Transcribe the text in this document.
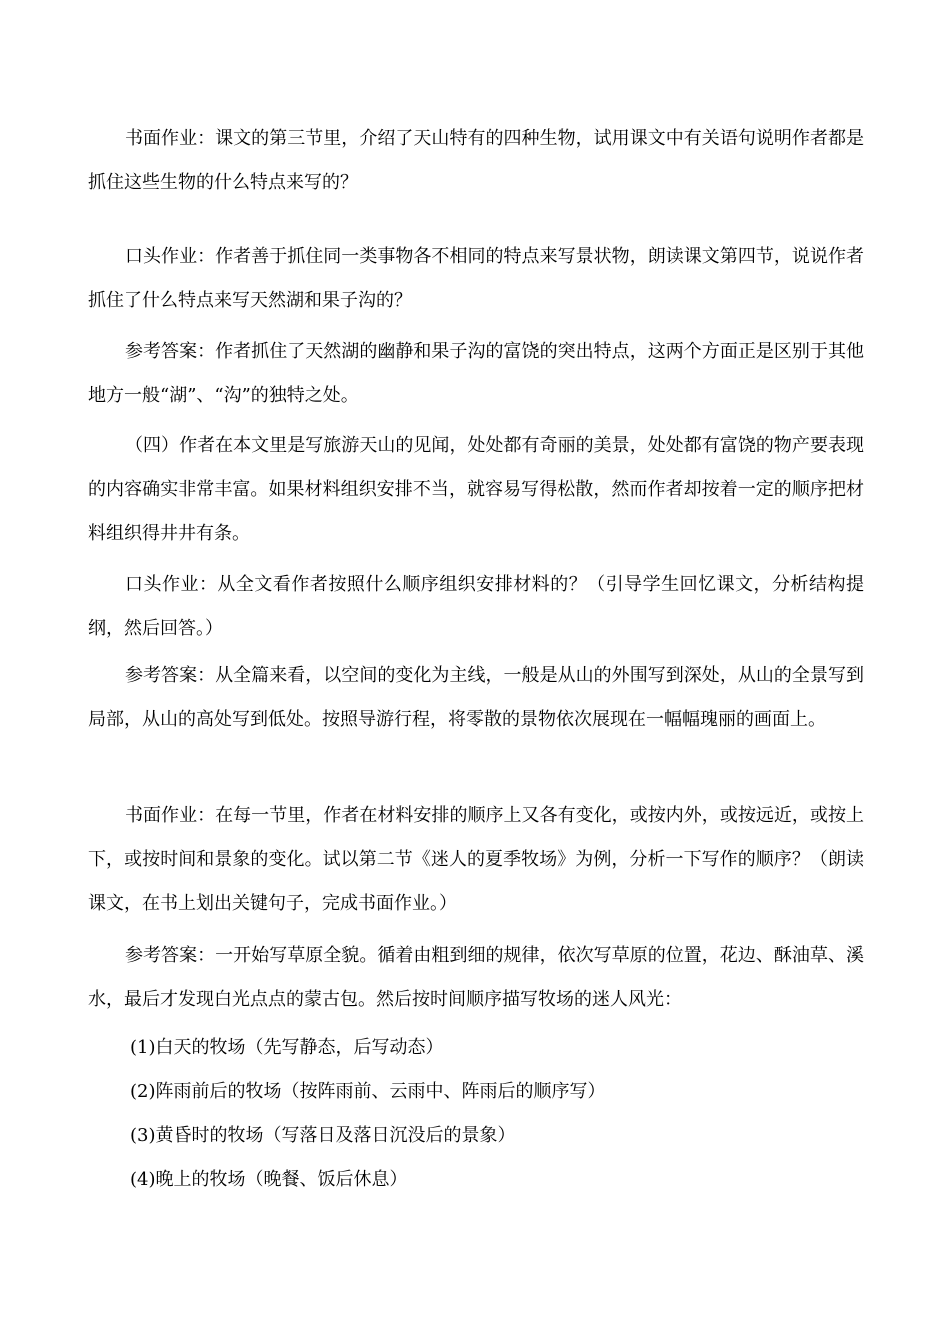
书面作业：课文的第三节里，介绍了天山特有的四种生物，试用课文中有关语句说明作者都是抓住这些生物的什么特点来写的？

口头作业：作者善于抓住同一类事物各不相同的特点来写景状物，朗读课文第四节，说说作者抓住了什么特点来写天然湖和果子沟的？

参考答案：作者抓住了天然湖的幽静和果子沟的富饶的突出特点，这两个方面正是区别于其他地方一般“湖”、“沟”的独特之处。

（四）作者在本文里是写旅游天山的见闻，处处都有奇丽的美景，处处都有富饶的物产要表现的内容确实非常丰富。如果材料组织安排不当，就容易写得松散，然而作者却按着一定的顺序把材料组织得井井有条。

口头作业：从全文看作者按照什么顺序组织安排材料的？（引导学生回忆课文，分析结构提纲，然后回答。）

参考答案：从全篇来看，以空间的变化为主线，一般是从山的外围写到深处，从山的全景写到局部，从山的高处写到低处。按照导游行程，将零散的景物依次展现在一幅幅瑰丽的画面上。

书面作业：在每一节里，作者在材料安排的顺序上又各有变化，或按内外，或按远近，或按上下，或按时间和景象的变化。试以第二节《迷人的夏季牧场》为例，分析一下写作的顺序？（朗读课文，在书上划出关键句子，完成书面作业。）

参考答案：一开始写草原全貌。循着由粗到细的规律，依次写草原的位置，花边、酥油草、溪水，最后才发现白光点点的蒙古包。然后按时间顺序描写牧场的迷人风光：

(1)白天的牧场（先写静态，后写动态）

(2)阵雨前后的牧场（按阵雨前、云雨中、阵雨后的顺序写）

(3)黄昏时的牧场（写落日及落日沉没后的景象）

(4)晚上的牧场（晚餐、饭后休息）
